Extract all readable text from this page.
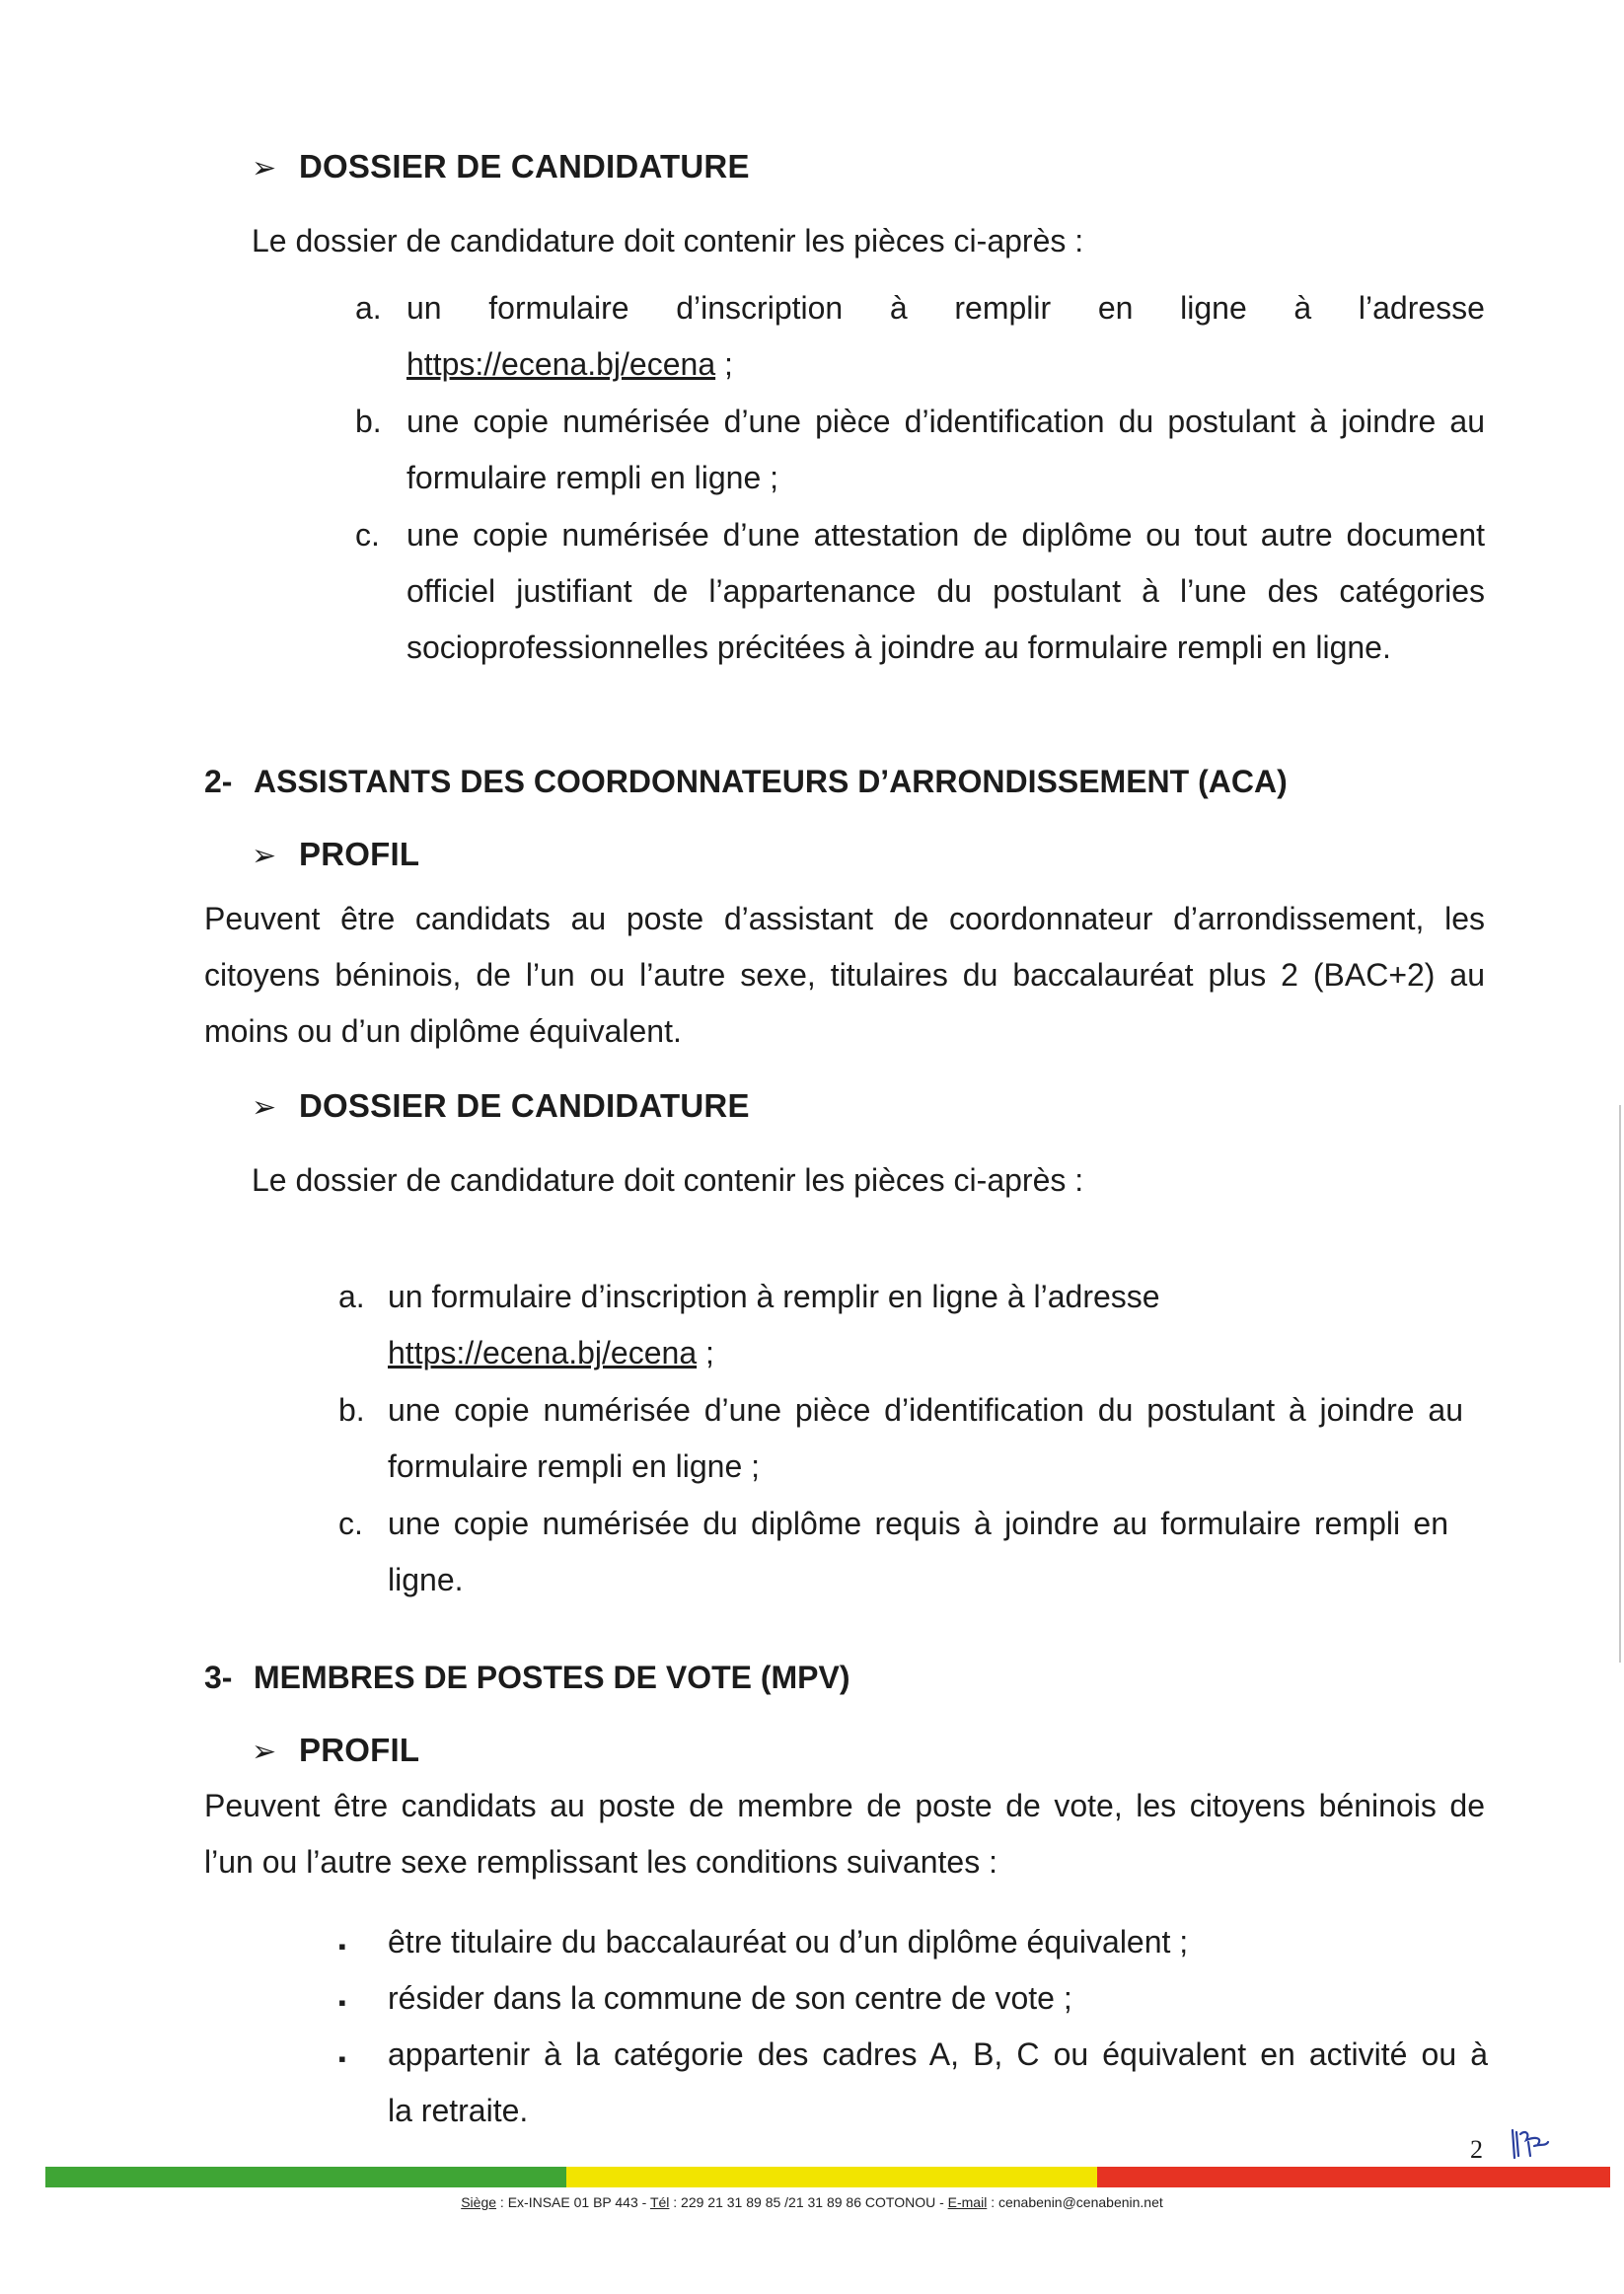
➢ DOSSIER DE CANDIDATURE
Le dossier de candidature doit contenir les pièces ci-après :
a. un formulaire d’inscription à remplir en ligne à l’adresse
https://ecena.bj/ecena ;
b. une copie numérisée d’une pièce d’identification du postulant à joindre au
formulaire rempli en ligne ;
c. une copie numérisée d’une attestation de diplôme ou tout autre document
officiel justifiant de l’appartenance du postulant à l’une des catégories
socioprofessionnelles précitées à joindre au formulaire rempli en ligne.
2- ASSISTANTS DES COORDONNATEURS D’ARRONDISSEMENT (ACA)
➢ PROFIL
Peuvent être candidats au poste d’assistant de coordonnateur d’arrondissement, les
citoyens béninois, de l’un ou l’autre sexe, titulaires du baccalauréat plus 2 (BAC+2) au
moins ou d’un diplôme équivalent.
➢ DOSSIER DE CANDIDATURE
Le dossier de candidature doit contenir les pièces ci-après :
a. un formulaire d’inscription à remplir en ligne à l’adresse
https://ecena.bj/ecena ;
b. une copie numérisée d’une pièce d’identification du postulant à joindre au
formulaire rempli en ligne ;
c. une copie numérisée du diplôme requis à joindre au formulaire rempli en
ligne.
3- MEMBRES DE POSTES DE VOTE (MPV)
➢ PROFIL
Peuvent être candidats au poste de membre de poste de vote, les citoyens béninois de
l’un ou l’autre sexe remplissant les conditions suivantes :
▪ être titulaire du baccalauréat ou d’un diplôme équivalent ;
▪ résider dans la commune de son centre de vote ;
▪ appartenir à la catégorie des cadres A, B, C ou équivalent en activité ou à
la retraite.
2
Siège : Ex-INSAE 01 BP 443 - Tél : 229 21 31 89 85 /21 31 89 86 COTONOU - E-mail : cenabenin@cenabenin.net
